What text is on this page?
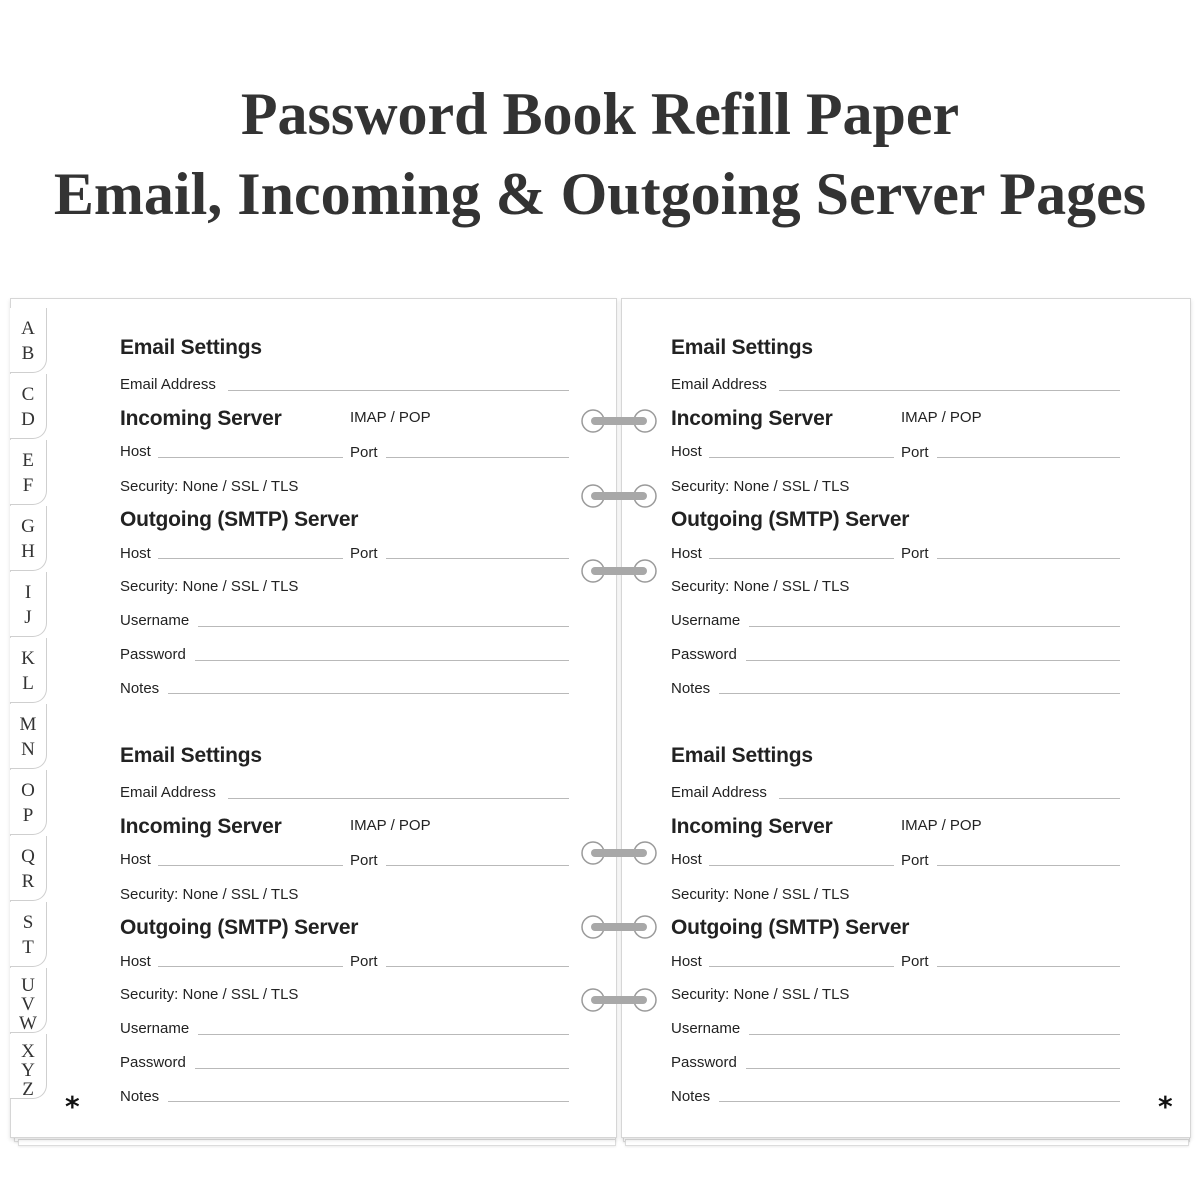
Password Book Refill Paper
Email, Incoming & Outgoing Server Pages
A
B
C
D
E
F
G
H
I
J
K
L
M
N
O
P
Q
R
S
T
U
V
W
X
Y
Z
Email Settings
Email Address
Incoming Server	IMAP / POP
Host	Port
Security: None / SSL / TLS
Outgoing (SMTP) Server
Host	Port
Security: None / SSL / TLS
Username
Password
Notes
Email Settings
Email Address
Incoming Server	IMAP / POP
Host	Port
Security: None / SSL / TLS
Outgoing (SMTP) Server
Host	Port
Security: None / SSL / TLS
Username
Password
Notes
Email Settings
Email Address
Incoming Server	IMAP / POP
Host	Port
Security: None / SSL / TLS
Outgoing (SMTP) Server
Host	Port
Security: None / SSL / TLS
Username
Password
Notes
Email Settings
Email Address
Incoming Server	IMAP / POP
Host	Port
Security: None / SSL / TLS
Outgoing (SMTP) Server
Host	Port
Security: None / SSL / TLS
Username
Password
Notes
*	*
